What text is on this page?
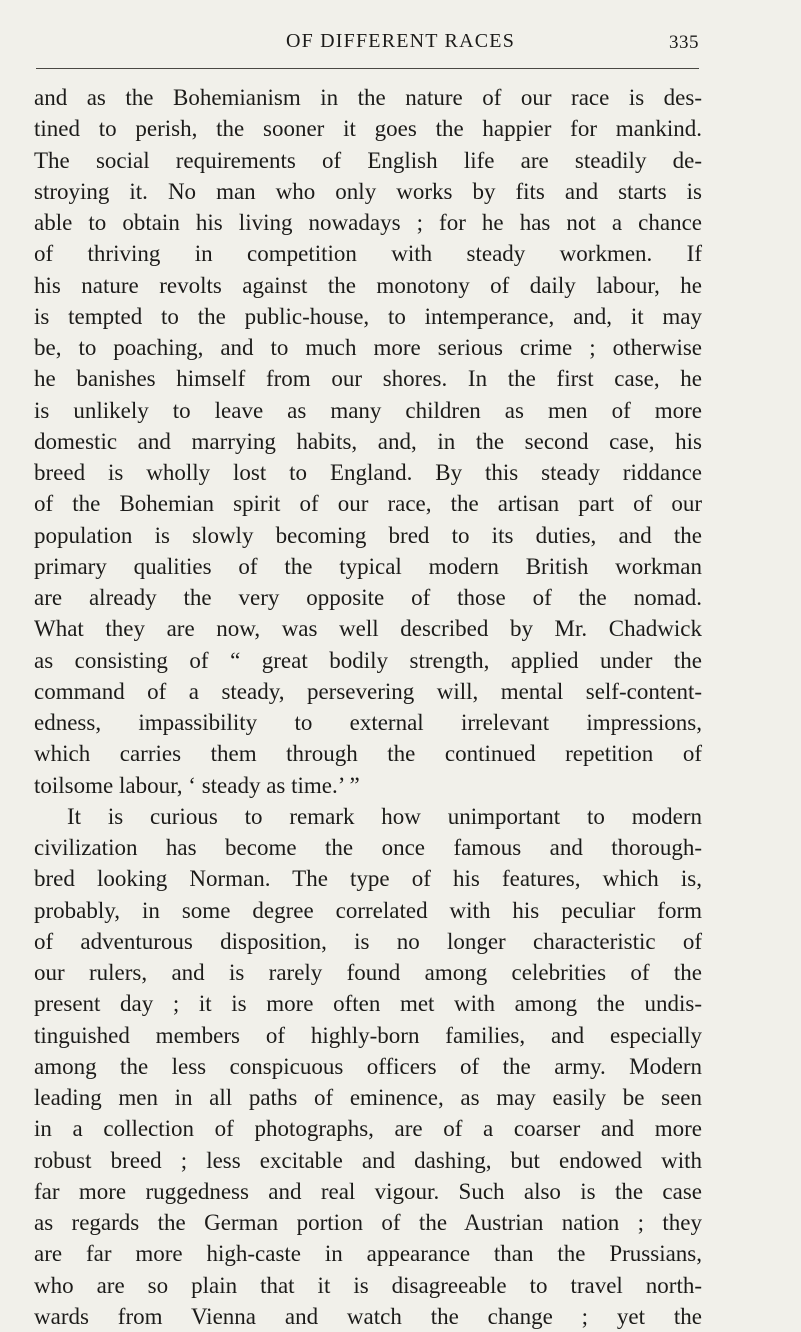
OF DIFFERENT RACES	335
and as the Bohemianism in the nature of our race is des-
tined to perish, the sooner it goes the happier for mankind.
The social requirements of English life are steadily de-
stroying it. No man who only works by fits and starts is
able to obtain his living nowadays ; for he has not a chance
of thriving in competition with steady workmen. If
his nature revolts against the monotony of daily labour, he
is tempted to the public-house, to intemperance, and, it may
be, to poaching, and to much more serious crime ; otherwise
he banishes himself from our shores. In the first case, he
is unlikely to leave as many children as men of more
domestic and marrying habits, and, in the second case, his
breed is wholly lost to England. By this steady riddance
of the Bohemian spirit of our race, the artisan part of our
population is slowly becoming bred to its duties, and the
primary qualities of the typical modern British workman
are already the very opposite of those of the nomad.
What they are now, was well described by Mr. Chadwick
as consisting of “ great bodily strength, applied under the
command of a steady, persevering will, mental self-content-
edness, impassibility to external irrelevant impressions,
which carries them through the continued repetition of
toilsome labour, ‘ steady as time.’ ”
It is curious to remark how unimportant to modern
civilization has become the once famous and thorough-
bred looking Norman. The type of his features, which is,
probably, in some degree correlated with his peculiar form
of adventurous disposition, is no longer characteristic of
our rulers, and is rarely found among celebrities of the
present day ; it is more often met with among the undis-
tinguished members of highly-born families, and especially
among the less conspicuous officers of the army. Modern
leading men in all paths of eminence, as may easily be seen
in a collection of photographs, are of a coarser and more
robust breed ; less excitable and dashing, but endowed with
far more ruggedness and real vigour. Such also is the case
as regards the German portion of the Austrian nation ; they
are far more high-caste in appearance than the Prussians,
who are so plain that it is disagreeable to travel north-
wards from Vienna and watch the change ; yet the
